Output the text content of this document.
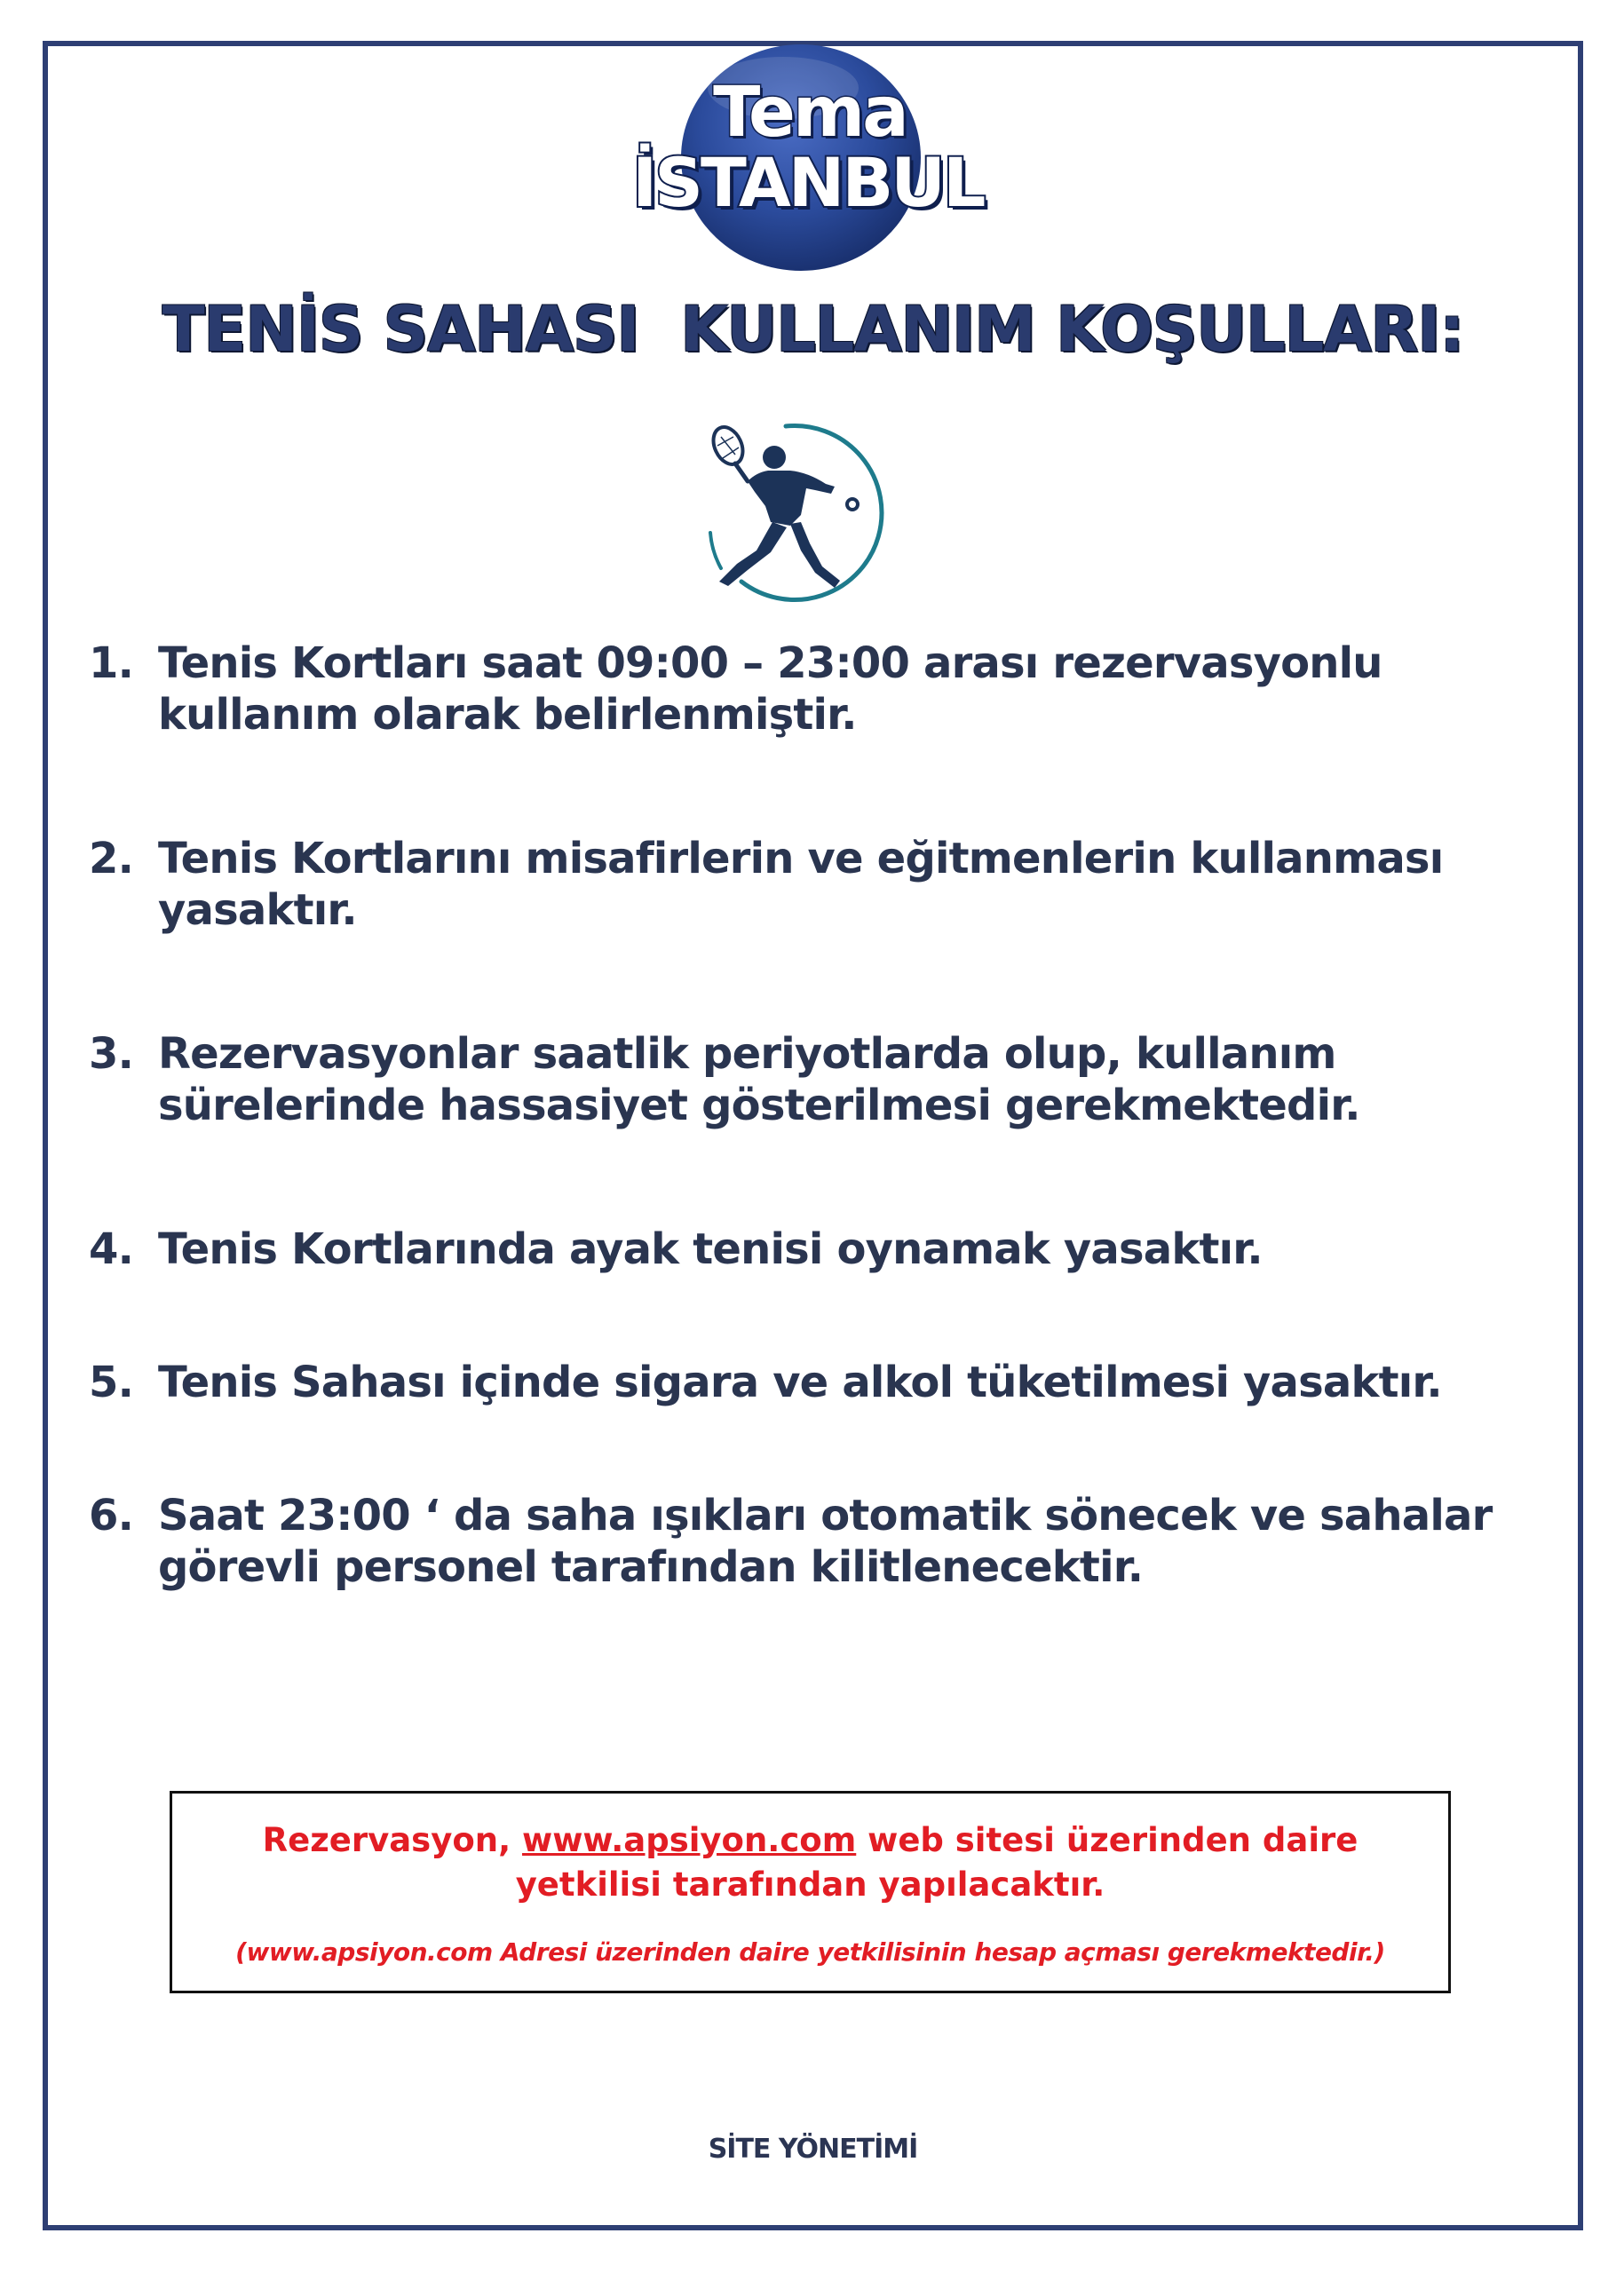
Tema
İSTANBUL
TENİS SAHASI  KULLANIM KOŞULLARI:
1. Tenis Kortları saat 09:00 – 23:00 arası rezervasyonlu
kullanım olarak belirlenmiştir.
2. Tenis Kortlarını misafirlerin ve eğitmenlerin kullanması
yasaktır.
3. Rezervasyonlar saatlik periyotlarda olup, kullanım
sürelerinde hassasiyet gösterilmesi gerekmektedir.
4. Tenis Kortlarında ayak tenisi oynamak yasaktır.
5. Tenis Sahası içinde sigara ve alkol tüketilmesi yasaktır.
6. Saat 23:00 ‘ da saha ışıkları otomatik sönecek ve sahalar
görevli personel tarafından kilitlenecektir.
Rezervasyon, www.apsiyon.com web sitesi üzerinden daire
yetkilisi tarafından yapılacaktır.
(www.apsiyon.com Adresi üzerinden daire yetkilisinin hesap açması gerekmektedir.)
SİTE YÖNETİMİ
